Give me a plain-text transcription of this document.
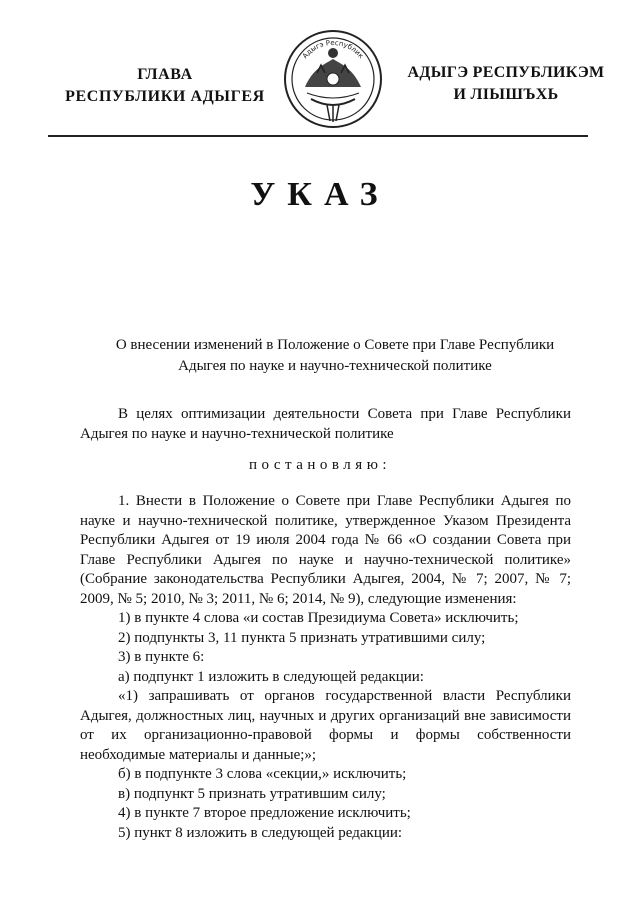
ГЛАВА
РЕСПУБЛИКИ АДЫГЕЯ
Адыгэ Республик
АДЫГЭ РЕСПУБЛИКЭМ
И ЛІЫШЪХЬ
УКАЗ
О внесении изменений в Положение о Совете при Главе Республики
Адыгея по науке и научно-технической политике

В целях оптимизации деятельности Совета при Главе Республики Адыгея по науке и научно-технической политике

постановляю:

1. Внести в Положение о Совете при Главе Республики Адыгея по науке и научно-технической политике, утвержденное Указом Президента Республики Адыгея от 19 июля 2004 года № 66 «О создании Совета при Главе Республики Адыгея по науке и научно-технической политике» (Собрание законодательства Республики Адыгея, 2004, № 7; 2007, № 7; 2009, № 5; 2010, № 3; 2011, № 6; 2014, № 9), следующие изменения:

1) в пункте 4 слова «и состав Президиума Совета» исключить;

2) подпункты 3, 11 пункта 5 признать утратившими силу;

3) в пункте 6:

а) подпункт 1 изложить в следующей редакции:

«1) запрашивать от органов государственной власти Республики Адыгея, должностных лиц, научных и других организаций вне зависимости от их организационно-правовой формы и формы собственности необходимые материалы и данные;»;

б) в подпункте 3 слова «секции,» исключить;

в) подпункт 5 признать утратившим силу;

4) в пункте 7 второе предложение исключить;

5) пункт 8 изложить в следующей редакции:
